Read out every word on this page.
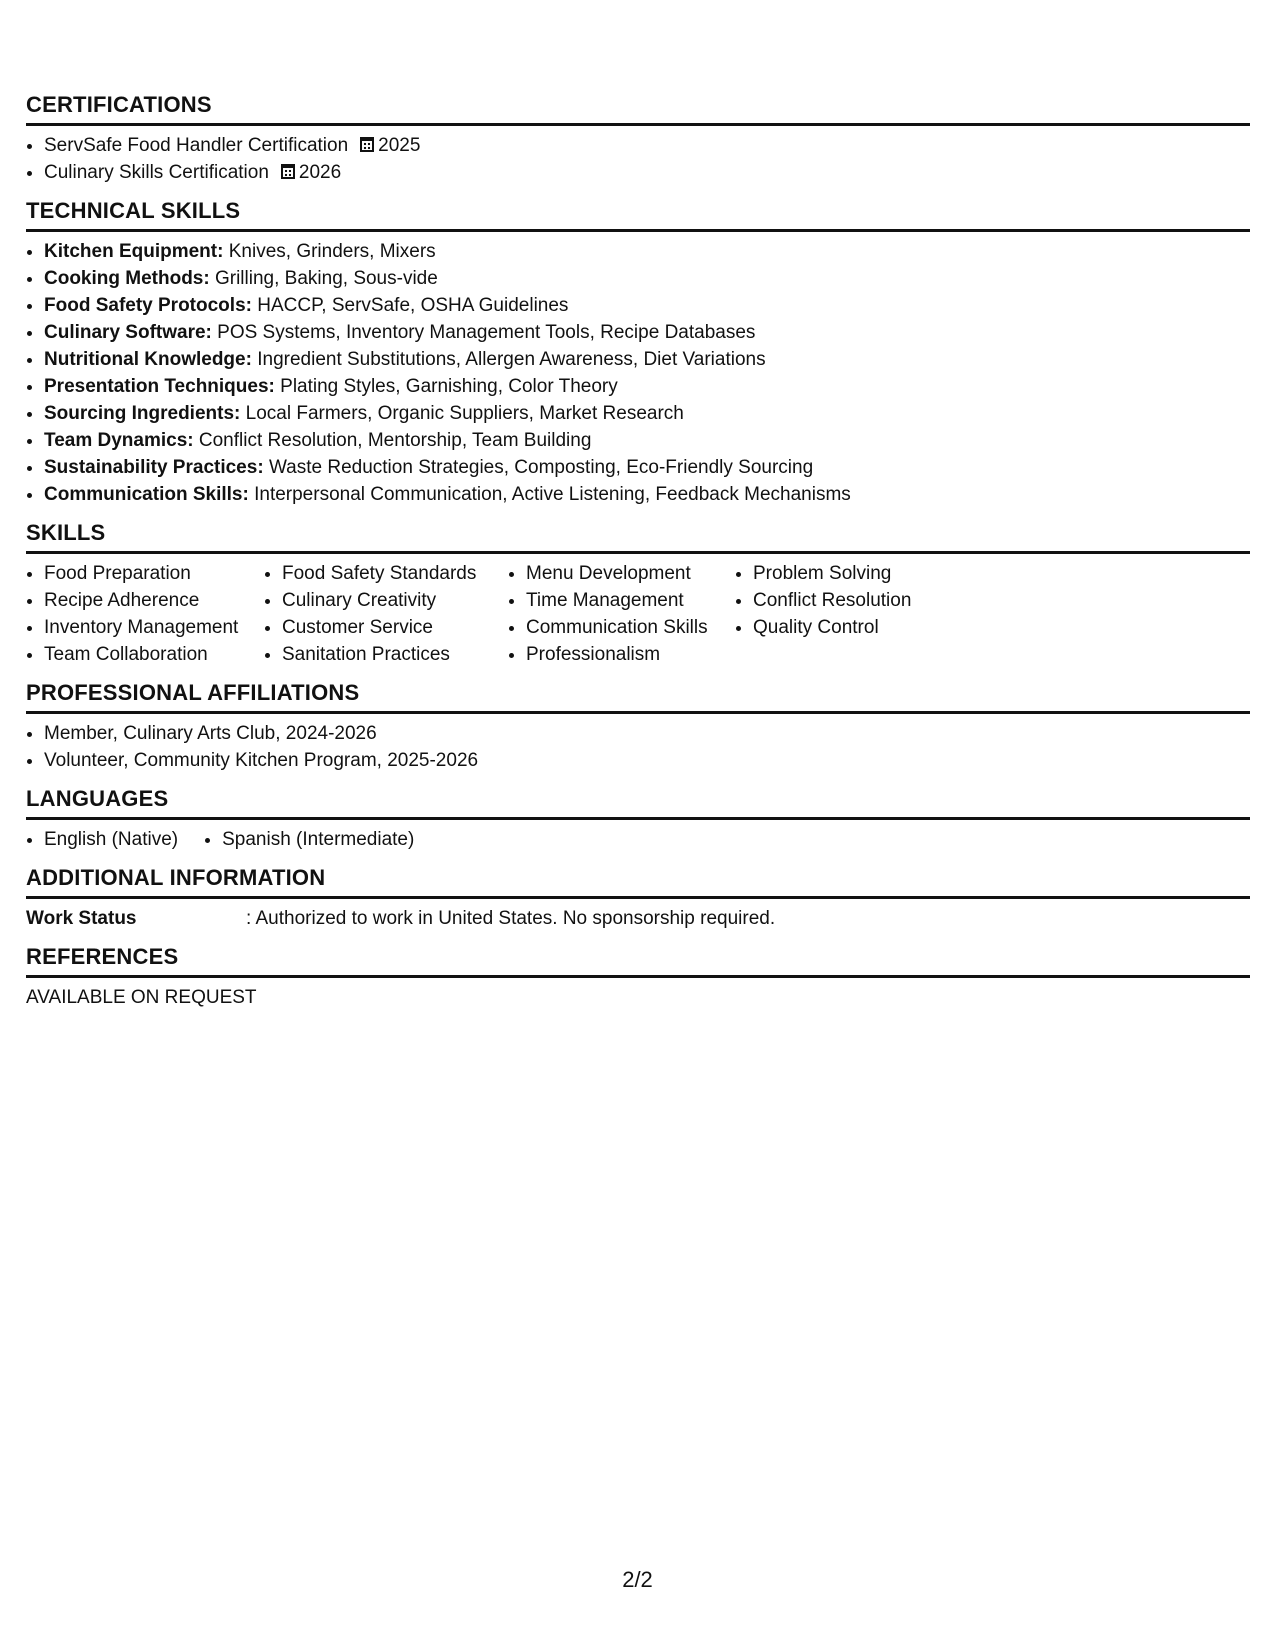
CERTIFICATIONS
• ServSafe Food Handler Certification 2025
• Culinary Skills Certification 2026
TECHNICAL SKILLS
• Kitchen Equipment: Knives, Grinders, Mixers
• Cooking Methods: Grilling, Baking, Sous-vide
• Food Safety Protocols: HACCP, ServSafe, OSHA Guidelines
• Culinary Software: POS Systems, Inventory Management Tools, Recipe Databases
• Nutritional Knowledge: Ingredient Substitutions, Allergen Awareness, Diet Variations
• Presentation Techniques: Plating Styles, Garnishing, Color Theory
• Sourcing Ingredients: Local Farmers, Organic Suppliers, Market Research
• Team Dynamics: Conflict Resolution, Mentorship, Team Building
• Sustainability Practices: Waste Reduction Strategies, Composting, Eco-Friendly Sourcing
• Communication Skills: Interpersonal Communication, Active Listening, Feedback Mechanisms
SKILLS
• Food Preparation
• Recipe Adherence
• Inventory Management
• Team Collaboration
• Food Safety Standards
• Culinary Creativity
• Customer Service
• Sanitation Practices
• Menu Development
• Time Management
• Communication Skills
• Professionalism
• Problem Solving
• Conflict Resolution
• Quality Control
PROFESSIONAL AFFILIATIONS
• Member, Culinary Arts Club, 2024-2026
• Volunteer, Community Kitchen Program, 2025-2026
LANGUAGES
• English (Native)
• Spanish (Intermediate)
ADDITIONAL INFORMATION
Work Status	: Authorized to work in United States. No sponsorship required.
REFERENCES
AVAILABLE ON REQUEST
2/2
